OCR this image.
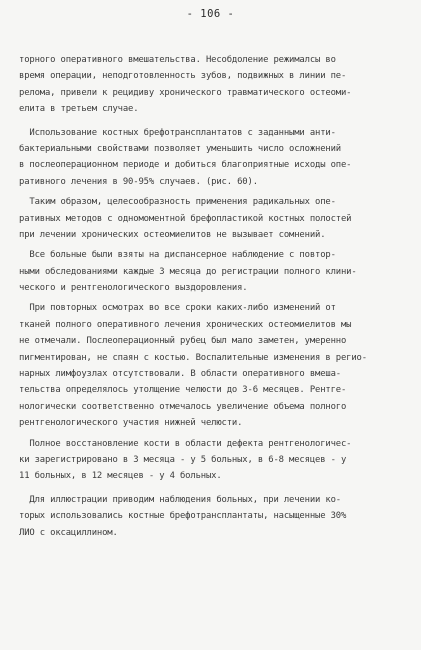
- 106 -
торного оперативного вмешательства. Несобдоление режималсы во
время операции, неподготовленность зубов, подвижных в линии пе-
релома, привели к рецидиву хронического травматического остеоми-
елита в третьем случае.
Использование костных брефотрансплантатов с заданными анти-
бактериальными свойствами позволяет уменьшить число осложнений
в послеоперационном периоде и добиться благоприятные исходы опе-
ративного лечения в 90-95% случаев. (рис. 60).
Таким образом, целесообразность применения радикальных опе-
ративных методов с одномоментной брефопластикой костных полостей
при лечении хронических остеомиелитов не вызывает сомнений.
Все больные были взяты на диспансерное наблюдение с повтор-
ными обследованиями каждые 3 месяца до регистрации полного клини-
ческого и рентгенологического выздоровления.
При повторных осмотрах во все сроки каких-либо изменений от
тканей полного оперативного лечения хронических остеомиелитов мы
не отмечали. Послеоперационный рубец был мало заметен, умеренно
пигментирован, не спаян с костью. Воспалительные изменения в регио-
нарных лимфоузлах отсутствовали. В области оперативного вмеша-
тельства определялось утолщение челюсти до 3-6 месяцев. Рентге-
нологически соответственно отмечалось увеличение объема полного
рентгенологического участия нижней челюсти.
Полное восстановление кости в области дефекта рентгенологичес-
ки зарегистрировано в 3 месяца - у 5 больных, в 6-8 месяцев - у
11 больных, в 12 месяцев - у 4 больных.
Для иллюстрации приводим наблюдения больных, при лечении ко-
торых использовались костные брефотрансплантаты, насыщенные 30%
ЛИО с оксациллином.
